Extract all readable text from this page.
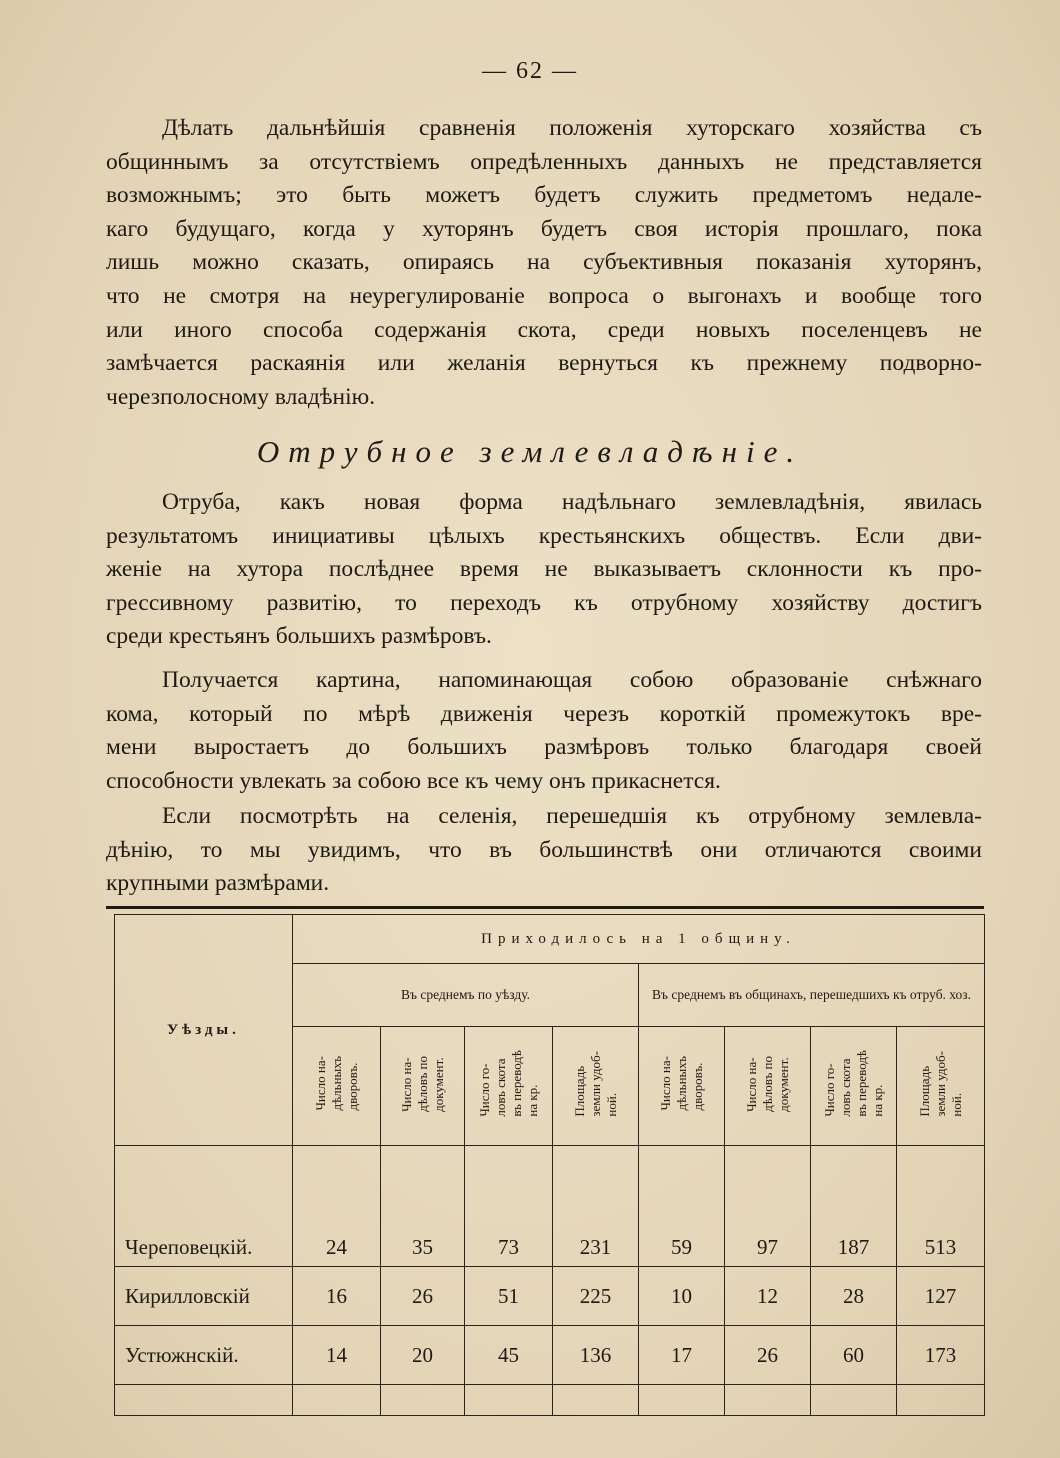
— 62 —
Дѣлать дальнѣйшія сравненія положенія хуторскаго хозяйства съ
общиннымъ за отсутствіемъ опредѣленныхъ данныхъ не представляется
возможнымъ; это быть можетъ будетъ служить предметомъ недале-
каго будущаго, когда у хуторянъ будетъ своя исторія прошлаго, пока
лишь можно сказать, опираясь на субъективныя показанія хуторянъ,
что не смотря на неурегулированіе вопроса о выгонахъ и вообще того
или иного способа содержанія скота, среди новыхъ поселенцевъ не
замѣчается раскаянія или желанія вернуться къ прежнему подворно-
черезполосному владѣнію.
Отрубное землевладѣніе.
Отруба, какъ новая форма надѣльнаго землевладѣнія, явилась
результатомъ инициативы цѣлыхъ крестьянскихъ обществъ. Если дви-
женіе на хутора послѣднее время не выказываетъ склонности къ про-
грессивному развитію, то переходъ къ отрубному хозяйству достигъ
среди крестьянъ большихъ размѣровъ.
Получается картина, напоминающая собою образованіе снѣжнаго
кома, который по мѣрѣ движенія черезъ короткій промежутокъ вре-
мени выростаетъ до большихъ размѣровъ только благодаря своей
способности увлекать за собою все къ чему онъ прикаснется.
Если посмотрѣть на селенія, перешедшія къ отрубному землевла-
дѣнію, то мы увидимъ, что въ большинствѣ они отличаются своими
крупными размѣрами.
Уѣзды.	Приходилось на 1 общину.							
	Въ среднемъ по уѣзду.				Въ среднемъ въ общинахъ, перешедшихъ къ отруб. хоз.			
	Число на-
дѣльныхъ
дворовъ.	Число на-
дѣловъ по
документ.	Число го-
ловъ скота
въ переводѣ
на кр.	Площадь
земли удоб-
ной.	Число на-
дѣльныхъ
дворовъ.	Число на-
дѣловъ по
документ.	Число го-
ловъ скота
въ переводѣ
на кр.	Площадь
земли удоб-
ной.
Череповецкій.	24	35	73	231	59	97	187	513
Кирилловскій	16	26	51	225	10	12	28	127
Устюжнскій.	14	20	45	136	17	26	60	173
